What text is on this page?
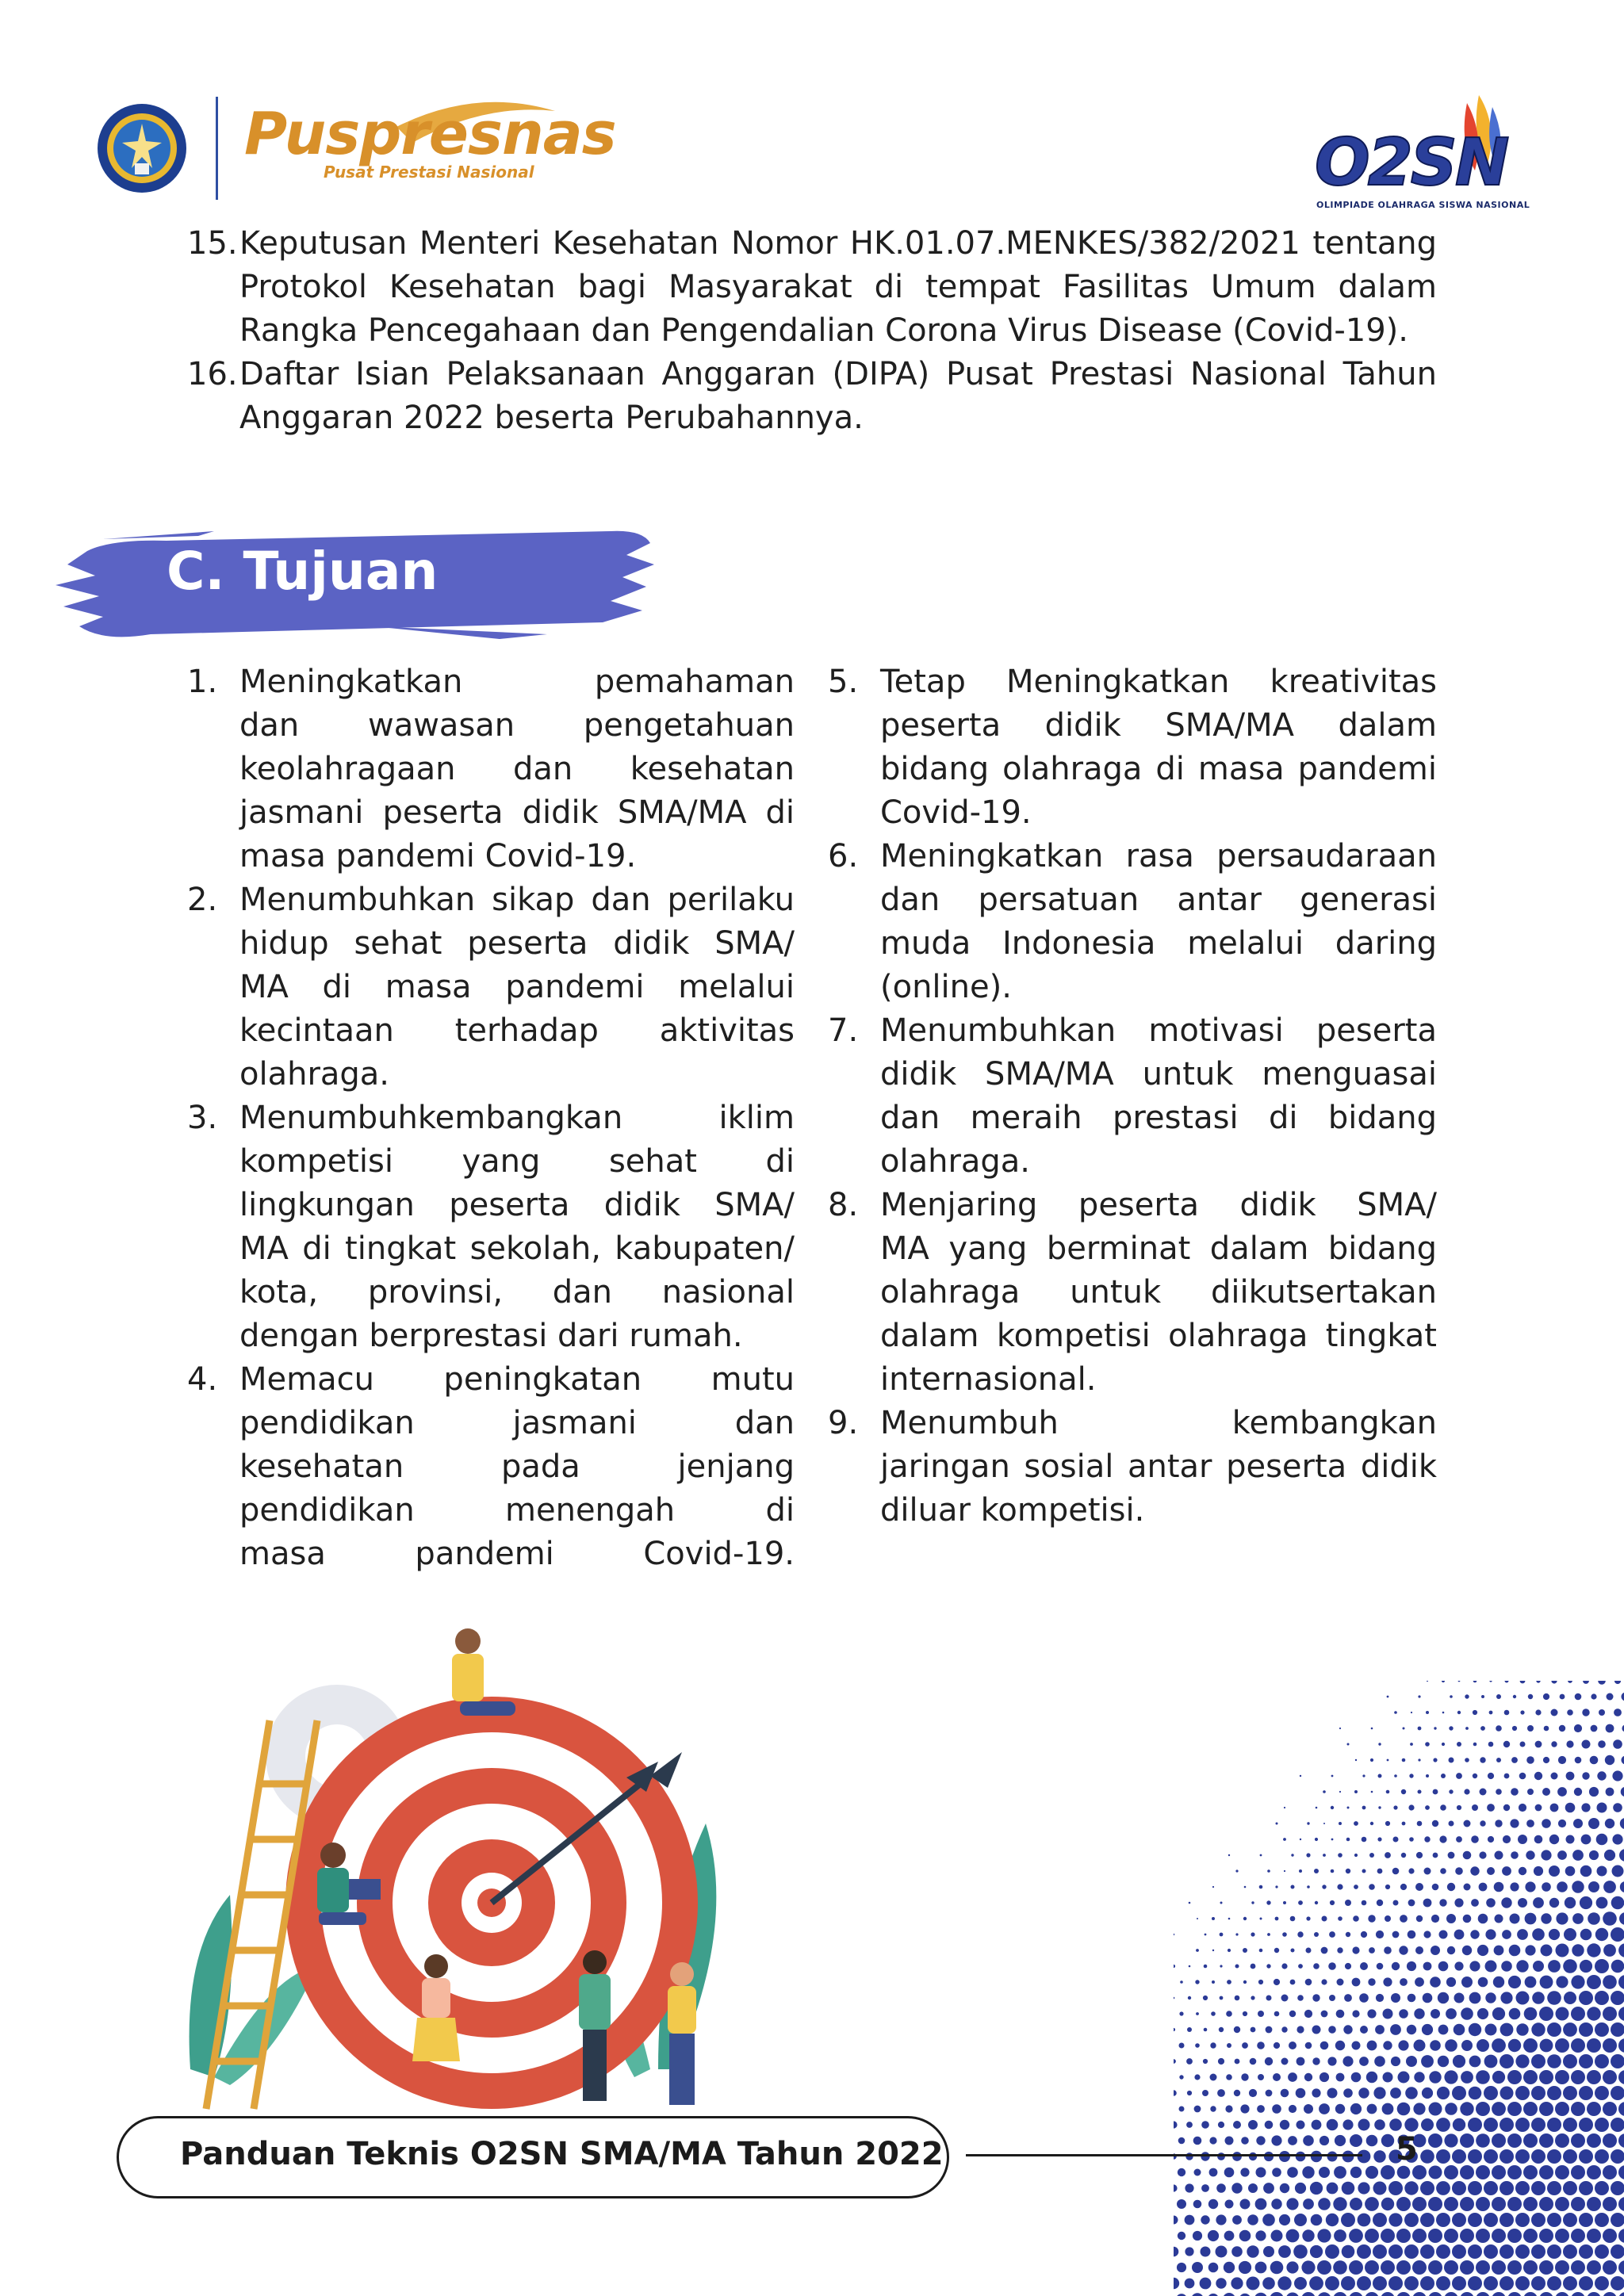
Puspresnas
Pusat Prestasi Nasional	O2SN
OLIMPIADE OLAHRAGA SISWA NASIONAL
15. Keputusan Menteri Kesehatan Nomor HK.01.07.MENKES/382/2021 tentang
Protokol Kesehatan bagi Masyarakat di tempat Fasilitas Umum dalam
Rangka Pencegahaan dan Pengendalian Corona Virus Disease (Covid-19).
16. Daftar Isian Pelaksanaan Anggaran (DIPA) Pusat Prestasi Nasional Tahun
Anggaran 2022 beserta Perubahannya.
C. Tujuan
1. Meningkatkan pemahaman
dan wawasan pengetahuan
keolahragaan dan kesehatan
jasmani peserta didik SMA/MA di
masa pandemi Covid-19.
2. Menumbuhkan sikap dan perilaku
hidup sehat peserta didik SMA/
MA di masa pandemi melalui
kecintaan terhadap aktivitas
olahraga.
3. Menumbuhkembangkan iklim
kompetisi yang sehat di
lingkungan peserta didik SMA/
MA di tingkat sekolah, kabupaten/
kota, provinsi, dan nasional
dengan berprestasi dari rumah.
4. Memacu peningkatan mutu
pendidikan jasmani dan
kesehatan pada jenjang
pendidikan menengah di
masa pandemi Covid-19.
5. Tetap Meningkatkan kreativitas
peserta didik SMA/MA dalam
bidang olahraga di masa pandemi
Covid-19.
6. Meningkatkan rasa persaudaraan
dan persatuan antar generasi
muda Indonesia melalui daring
(online).
7. Menumbuhkan motivasi peserta
didik SMA/MA untuk menguasai
dan meraih prestasi di bidang
olahraga.
8. Menjaring peserta didik SMA/
MA yang berminat dalam bidang
olahraga untuk diikutsertakan
dalam kompetisi olahraga tingkat
internasional.
9. Menumbuh kembangkan
jaringan sosial antar peserta didik
diluar kompetisi.
Panduan Teknis O2SN SMA/MA Tahun 2022	5
